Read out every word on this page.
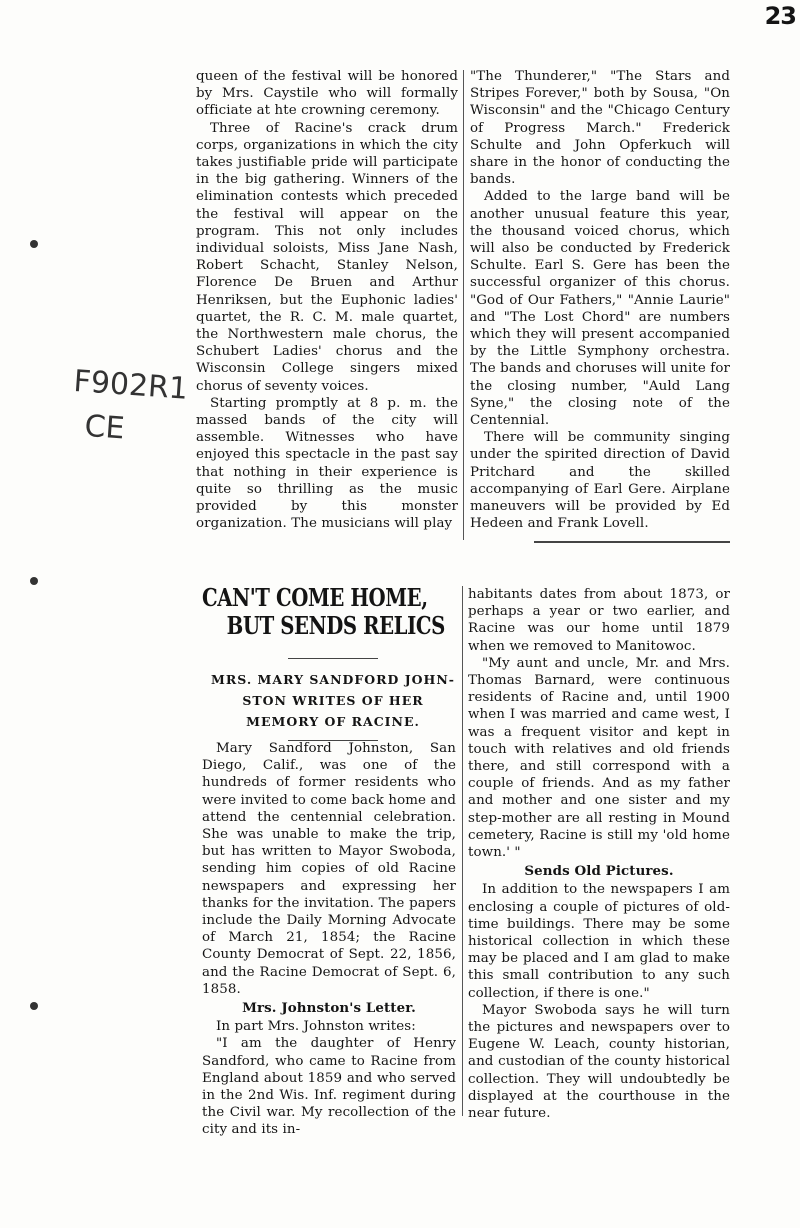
23
F902R1
CE

queen of the festival will be honored by Mrs. Caystile who will formally officiate at hte crowning ceremony.

Three of Racine's crack drum corps, organizations in which the city takes justifiable pride will participate in the big gathering. Winners of the elimination contests which preceded the festival will appear on the program. This not only includes individual soloists, Miss Jane Nash, Robert Schacht, Stanley Nelson, Florence De Bruen and Arthur Henriksen, but the Euphonic ladies' quartet, the R. C. M. male quartet, the Northwestern male chorus, the Schubert Ladies' chorus and the Wisconsin College singers mixed chorus of seventy voices.

Starting promptly at 8 p. m. the massed bands of the city will assemble. Witnesses who have enjoyed this spectacle in the past say that nothing in their experience is quite so thrilling as the music provided by this monster organization. The musicians will play

"The Thunderer," "The Stars and Stripes Forever," both by Sousa, "On Wisconsin" and the "Chicago Century of Progress March." Frederick Schulte and John Opferkuch will share in the honor of conducting the bands.

Added to the large band will be another unusual feature this year, the thousand voiced chorus, which will also be conducted by Frederick Schulte. Earl S. Gere has been the successful organizer of this chorus. "God of Our Fathers," "Annie Laurie" and "The Lost Chord" are numbers which they will present accompanied by the Little Symphony orchestra. The bands and choruses will unite for the closing number, "Auld Lang Syne," the closing note of the Centennial.

There will be community singing under the spirited direction of David Pritchard and the skilled accompanying of Earl Gere. Airplane maneuvers will be provided by Ed Hedeen and Frank Lovell.

CAN'T COME HOME,
BUT SENDS RELICS
MRS. MARY SANDFORD JOHN-
STON WRITES OF HER
MEMORY OF RACINE.

Mary Sandford Johnston, San Diego, Calif., was one of the hundreds of former residents who were invited to come back home and attend the centennial celebration. She was unable to make the trip, but has written to Mayor Swoboda, sending him copies of old Racine newspapers and expressing her thanks for the invitation. The papers include the Daily Morning Advocate of March 21, 1854; the Racine County Democrat of Sept. 22, 1856, and the Racine Democrat of Sept. 6, 1858.

Mrs. Johnston's Letter.

In part Mrs. Johnston writes:

"I am the daughter of Henry Sandford, who came to Racine from England about 1859 and who served in the 2nd Wis. Inf. regiment during the Civil war. My recollection of the city and its in-

habitants dates from about 1873, or perhaps a year or two earlier, and Racine was our home until 1879 when we removed to Manitowoc.

"My aunt and uncle, Mr. and Mrs. Thomas Barnard, were continuous residents of Racine and, until 1900 when I was married and came west, I was a frequent visitor and kept in touch with relatives and old friends there, and still correspond with a couple of friends. And as my father and mother and one sister and my step-mother are all resting in Mound cemetery, Racine is still my 'old home town.' "

Sends Old Pictures.

In addition to the newspapers I am enclosing a couple of pictures of old-time buildings. There may be some historical collection in which these may be placed and I am glad to make this small contribution to any such collection, if there is one."

Mayor Swoboda says he will turn the pictures and newspapers over to Eugene W. Leach, county historian, and custodian of the county historical collection. They will undoubtedly be displayed at the courthouse in the near future.
